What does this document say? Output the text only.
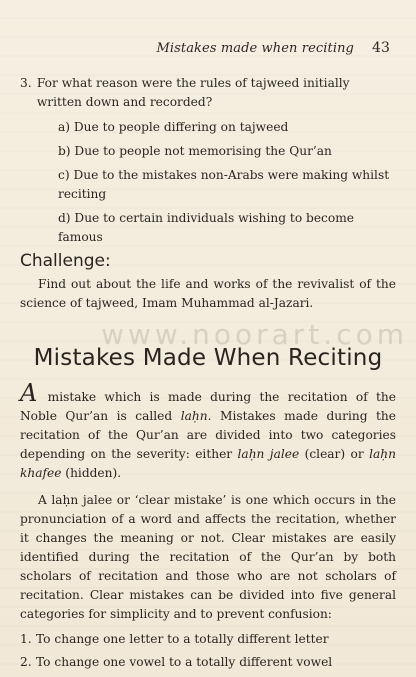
Mistakes made when reciting 43
www.noorart.com
3. For what reason were the rules of tajweed initially written down and recorded?
a) Due to people differing on tajweed
b) Due to people not memorising the Qur’an
c) Due to the mistakes non-Arabs were making whilst reciting
d) Due to certain individuals wishing to become famous
Challenge:

Find out about the life and works of the revivalist of the science of tajweed, Imam Muhammad al-Jazari.

Mistakes Made When Reciting

A mistake which is made during the recitation of the Noble Qur’an is called laḥn. Mistakes made during the recitation of the Qur’an are divided into two categories depending on the severity: either laḥn jalee (clear) or laḥn khafee (hidden).

A laḥn jalee or ‘clear mistake’ is one which occurs in the pronunciation of a word and affects the recitation, whether it changes the meaning or not. Clear mistakes are easily identified during the recitation of the Qur’an by both scholars of recitation and those who are not scholars of recitation. Clear mistakes can be divided into five general categories for simplicity and to prevent confusion:

1. To change one letter to a totally different letter
2. To change one vowel to a totally different vowel
